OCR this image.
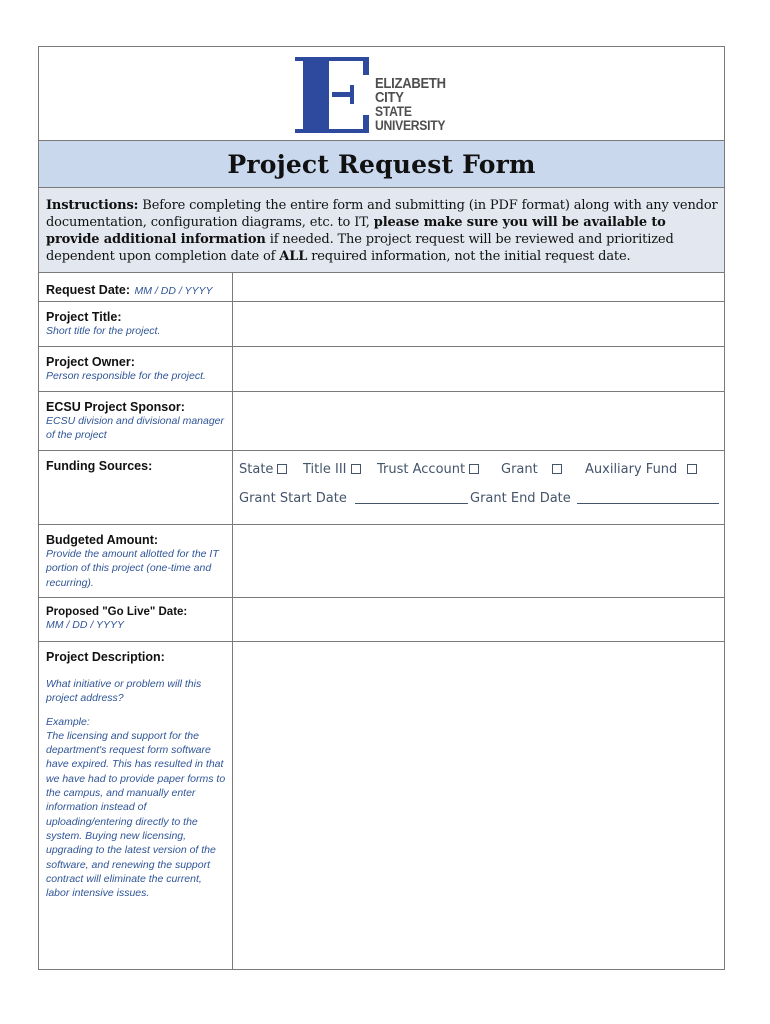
ELIZABETH CITY
STATE UNIVERSITY
Project Request Form
Instructions: Before completing the entire form and submitting (in PDF format) along with any vendor documentation, configuration diagrams, etc. to IT, please make sure you will be available to provide additional information if needed. The project request will be reviewed and prioritized dependent upon completion date of ALL required information, not the initial request date.
Request Date: MM / DD / YYYY
Project Title:
Short title for the project.
Project Owner:
Person responsible for the project.
ECSU Project Sponsor:
ECSU division and divisional manager of the project
Funding Sources:	State	Title III	Trust Account	Grant	Auxiliary Fund
Grant Start Date	Grant End Date
Budgeted Amount:
Provide the amount allotted for the IT portion of this project (one-time and recurring).
Proposed "Go Live" Date:
MM / DD / YYYY
Project Description:
What initiative or problem will this project address?
Example:
The licensing and support for the department's request form software have expired. This has resulted in that we have had to provide paper forms to the campus, and manually enter information instead of uploading/entering directly to the system. Buying new licensing, upgrading to the latest version of the software, and renewing the support contract will eliminate the current, labor intensive issues.
